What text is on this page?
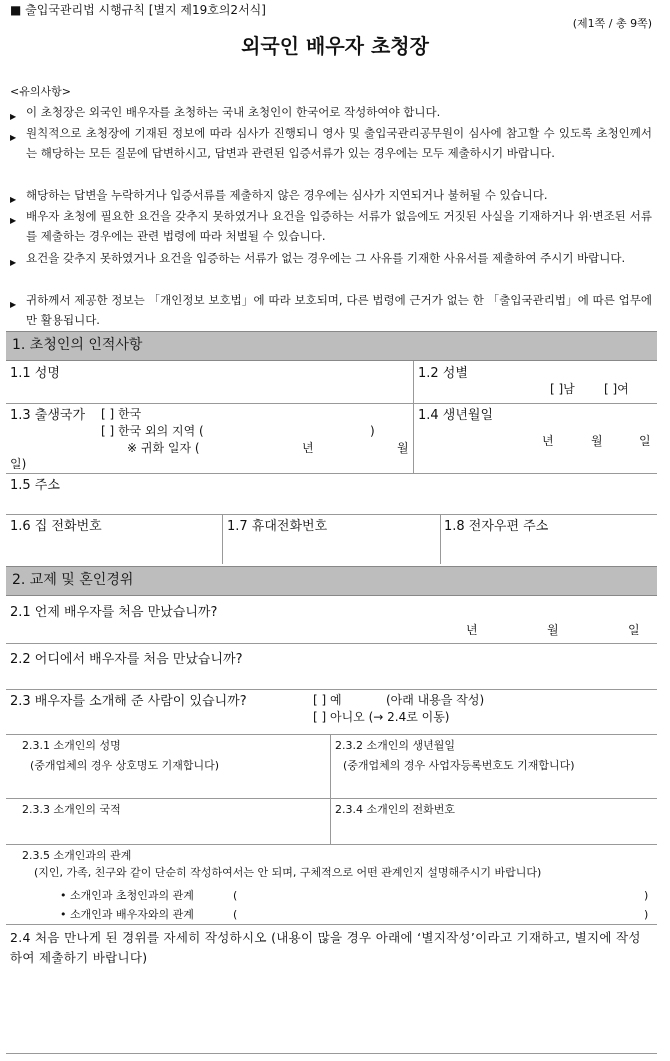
■ 출입국관리법 시행규칙 [별지 제19호의2서식]
(제1쪽 / 총 9쪽)
외국인 배우자 초청장
<유의사항>
▶ 이 초청장은 외국인 배우자를 초청하는 국내 초청인이 한국어로 작성하여야 합니다.
▶ 원칙적으로 초청장에 기재된 정보에 따라 심사가 진행되니 영사 및 출입국관리공무원이 심사에 참고할 수 있도록 초청인께서는 해당하는 모든 질문에 답변하시고, 답변과 관련된 입증서류가 있는 경우에는 모두 제출하시기 바랍니다.
▶ 해당하는 답변을 누락하거나 입증서류를 제출하지 않은 경우에는 심사가 지연되거나 불허될 수 있습니다.
▶ 배우자 초청에 필요한 요건을 갖추지 못하였거나 요건을 입증하는 서류가 없음에도 거짓된 사실을 기재하거나 위·변조된 서류를 제출하는 경우에는 관련 법령에 따라 처벌될 수 있습니다.
▶ 요건을 갖추지 못하였거나 요건을 입증하는 서류가 없는 경우에는 그 사유를 기재한 사유서를 제출하여 주시기 바랍니다.
▶ 귀하께서 제공한 정보는 「개인정보 보호법」에 따라 보호되며, 다른 법령에 근거가 없는 한 「출입국관리법」에 따른 업무에만 활용됩니다.
1. 초청인의 인적사항
1.1 성명	1.2 성별
[ ]남 [ ]여
1.3 출생국가 [ ] 한국
[ ] 한국 외의 지역 (	)
※ 귀화 일자 (	년	월
일)
1.4 생년월일
년	월	일
1.5 주소
1.6 집 전화번호	1.7 휴대전화번호	1.8 전자우편 주소
2. 교제 및 혼인경위
2.1 언제 배우자를 처음 만났습니까?
년	월	일
2.2 어디에서 배우자를 처음 만났습니까?
2.3 배우자를 소개해 준 사람이 있습니까?	[ ] 예	(아래 내용을 작성)
[ ] 아니오 (→ 2.4로 이동)
2.3.1 소개인의 성명
(중개업체의 경우 상호명도 기재합니다)
2.3.2 소개인의 생년월일
(중개업체의 경우 사업자등록번호도 기재합니다)
2.3.3 소개인의 국적	2.3.4 소개인의 전화번호
2.3.5 소개인과의 관계
(지인, 가족, 친구와 같이 단순히 작성하여서는 안 되며, 구체적으로 어떤 관계인지 설명해주시기 바랍니다)
• 소개인과 초청인과의 관계	(	)
• 소개인과 배우자와의 관계	(	)
2.4 처음 만나게 된 경위를 자세히 작성하시오 (내용이 많을 경우 아래에 ‘별지작성’이라고 기재하고, 별지에 작성하여 제출하기 바랍니다)
